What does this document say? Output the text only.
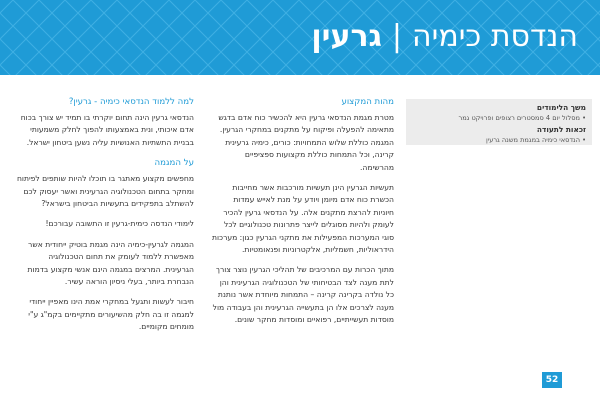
הנדסת כימיה|גרעין
משך הלימודים
• מסלול יום 4 סמסטרים רצופים ופרויקט גמר
זכאות לתעודה
• הנדסאי כימיה במגמת משנה גרעין
מהות המקצוע

מטרת מגמת הנדסאי גרעין היא להכשיר כוח אדם בדגש מתאימה להפעלה ופיקוח על מתקנים במחקרי הגרעין. המגמה כוללת שלוש התמחויות: כורים, כימיה גרעינית קרינה, וכל התמחות כוללת מקצועות ספציפיים מהרשימה.

תעשיות הגרעין הינן תעשיות מורכבות אשר מחייבות הכשרת כוח אדם מיומן ויודע על מנת לאייש עמדות חיוניות להרצת מתקנים אלה. על הנדסאי גרעין להכיר לעומק ולהיות מסוגלים לייצר פתרונות טכנולוגיים לכל סוגי המערכות המפעילות את מתקני הגרעין כגון: מערכות הידראוליות, חשמליות, אלקטרוניות ופנאומטיות.

מתוך הכרות עם המרכיבים של תהליכי הגרעין נוצר צורך לתת מענה לצד הבטיחותי של הטכנולוגיה הגרעינית והן כל נולדה בקרינה קרינה – התמחות מיוחדת אשר נותנת מענה לצרכים אלו הן בתעשייה הגרעינית והן בעבודה מול מוסדות תעשייתיים, רפואיים ומוסדות מחקר שונים.

למה ללמוד הנדסאי כימיה - גרעין?

הנדסאי גרעין הינה תחום יוקרתי בו תמיד יש צורך בכוח אדם איכותי, ונית באמצעותו להפוך לחלק משמעותי בבניית התשתיות האנושיות עליה נשען ביטחון ישראל.

על המגמה

מחפשים מקצוע מאתגר בו תוכלו להיות שותפים לפיתוח ומחקר בתחום הטכנולוגיה הגרעינית ואשר יעסוק לכם להשתלב בתפקידים בתעשיות הביטחון בישראל?

לימודי הנדסה כימית-גרעין זו התשובה עבורכם!

המגמה לגרעין-כימיה הינה מגמת בוטיק ייחודית אשר מאפשרת ללמוד לעומק את תחום הטכנולוגיה הגרעינית. המרצים במגמה הינם אנשי מקצוע בדמות הנבחרת ביותר, בעלי ניסיון הוראה עשיר.

חיבור לעשות ותגעל במחקרי אמת הינו מאפיין ייחודי למגמה זו בה חלק מהשיעורים מתקיימים בקמ"ג ע"י מומחים מקומיים.

52
